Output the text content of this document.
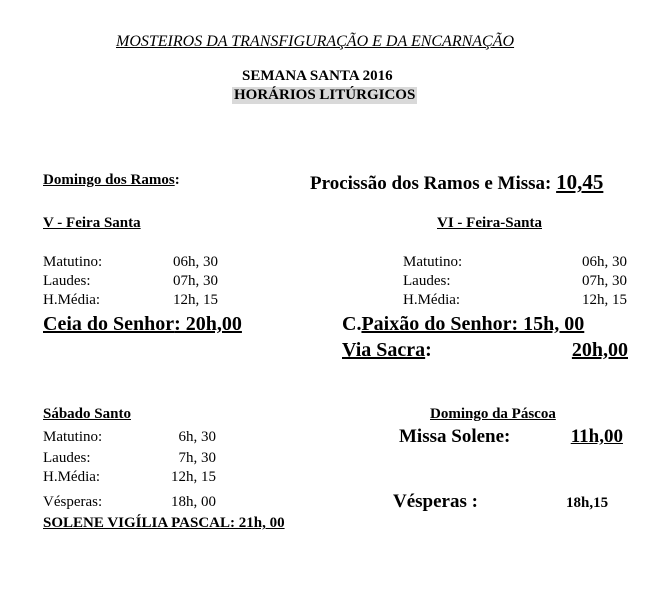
MOSTEIROS DA TRANSFIGURAÇÃO E DA ENCARNAÇÃO
SEMANA SANTA 2016
HORÁRIOS LITÚRGICOS
Domingo dos Ramos:	Procissão dos Ramos e Missa: 10,45
V - Feira Santa
Matutino:	06h, 30
Laudes:	07h, 30
H.Média:	12h, 15
Ceia do Senhor: 20h,00
VI - Feira-Santa
Matutino:	06h, 30
Laudes:	07h, 30
H.Média:	12h, 15
C.Paixão do Senhor: 15h, 00
Via Sacra:	20h,00
Sábado Santo
Matutino:	6h, 30
Laudes:	7h, 30
H.Média:	12h, 15
Vésperas:	18h, 00
SOLENE VIGÍLIA PASCAL: 21h, 00
Domingo da Páscoa
Missa Solene:	11h,00
Vésperas :	18h,15
